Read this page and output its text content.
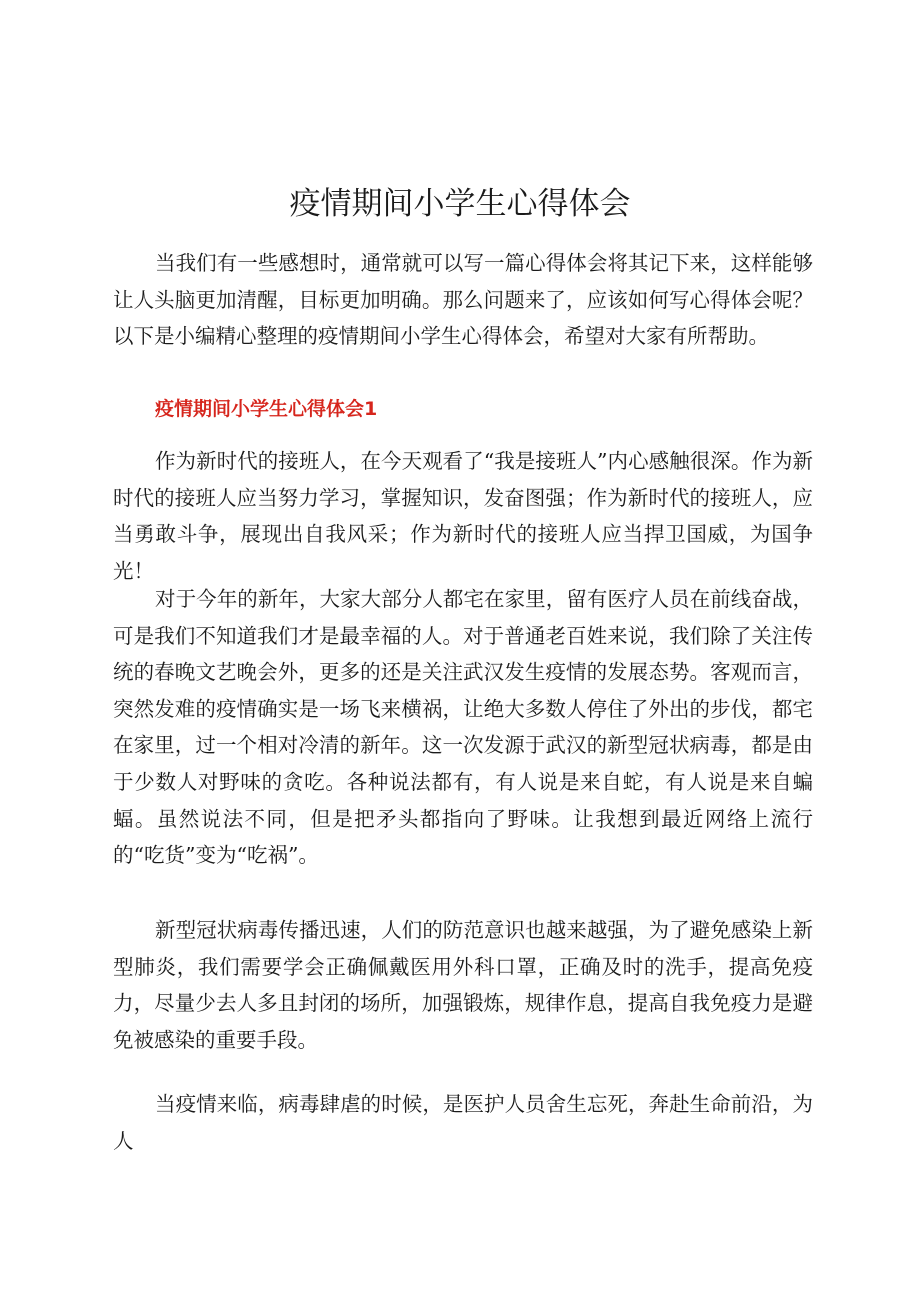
疫情期间小学生心得体会

当我们有一些感想时，通常就可以写一篇心得体会将其记下来，这样能够让人头脑更加清醒，目标更加明确。那么问题来了，应该如何写心得体会呢？以下是小编精心整理的疫情期间小学生心得体会，希望对大家有所帮助。

疫情期间小学生心得体会1

作为新时代的接班人，在今天观看了“我是接班人”内心感触很深。作为新时代的接班人应当努力学习，掌握知识，发奋图强；作为新时代的接班人，应当勇敢斗争，展现出自我风采；作为新时代的接班人应当捍卫国威，为国争光！

对于今年的新年，大家大部分人都宅在家里，留有医疗人员在前线奋战，可是我们不知道我们才是最幸福的人。对于普通老百姓来说，我们除了关注传统的春晚文艺晚会外，更多的还是关注武汉发生疫情的发展态势。客观而言，突然发难的疫情确实是一场飞来横祸，让绝大多数人停住了外出的步伐，都宅在家里，过一个相对冷清的新年。这一次发源于武汉的新型冠状病毒，都是由于少数人对野味的贪吃。各种说法都有，有人说是来自蛇，有人说是来自蝙蝠。虽然说法不同，但是把矛头都指向了野味。让我想到最近网络上流行的“吃货”变为“吃祸”。

新型冠状病毒传播迅速，人们的防范意识也越来越强，为了避免感染上新型肺炎，我们需要学会正确佩戴医用外科口罩，正确及时的洗手，提高免疫力，尽量少去人多且封闭的场所，加强锻炼，规律作息，提高自我免疫力是避免被感染的重要手段。

当疫情来临，病毒肆虐的时候，是医护人员舍生忘死，奔赴生命前沿，为人
